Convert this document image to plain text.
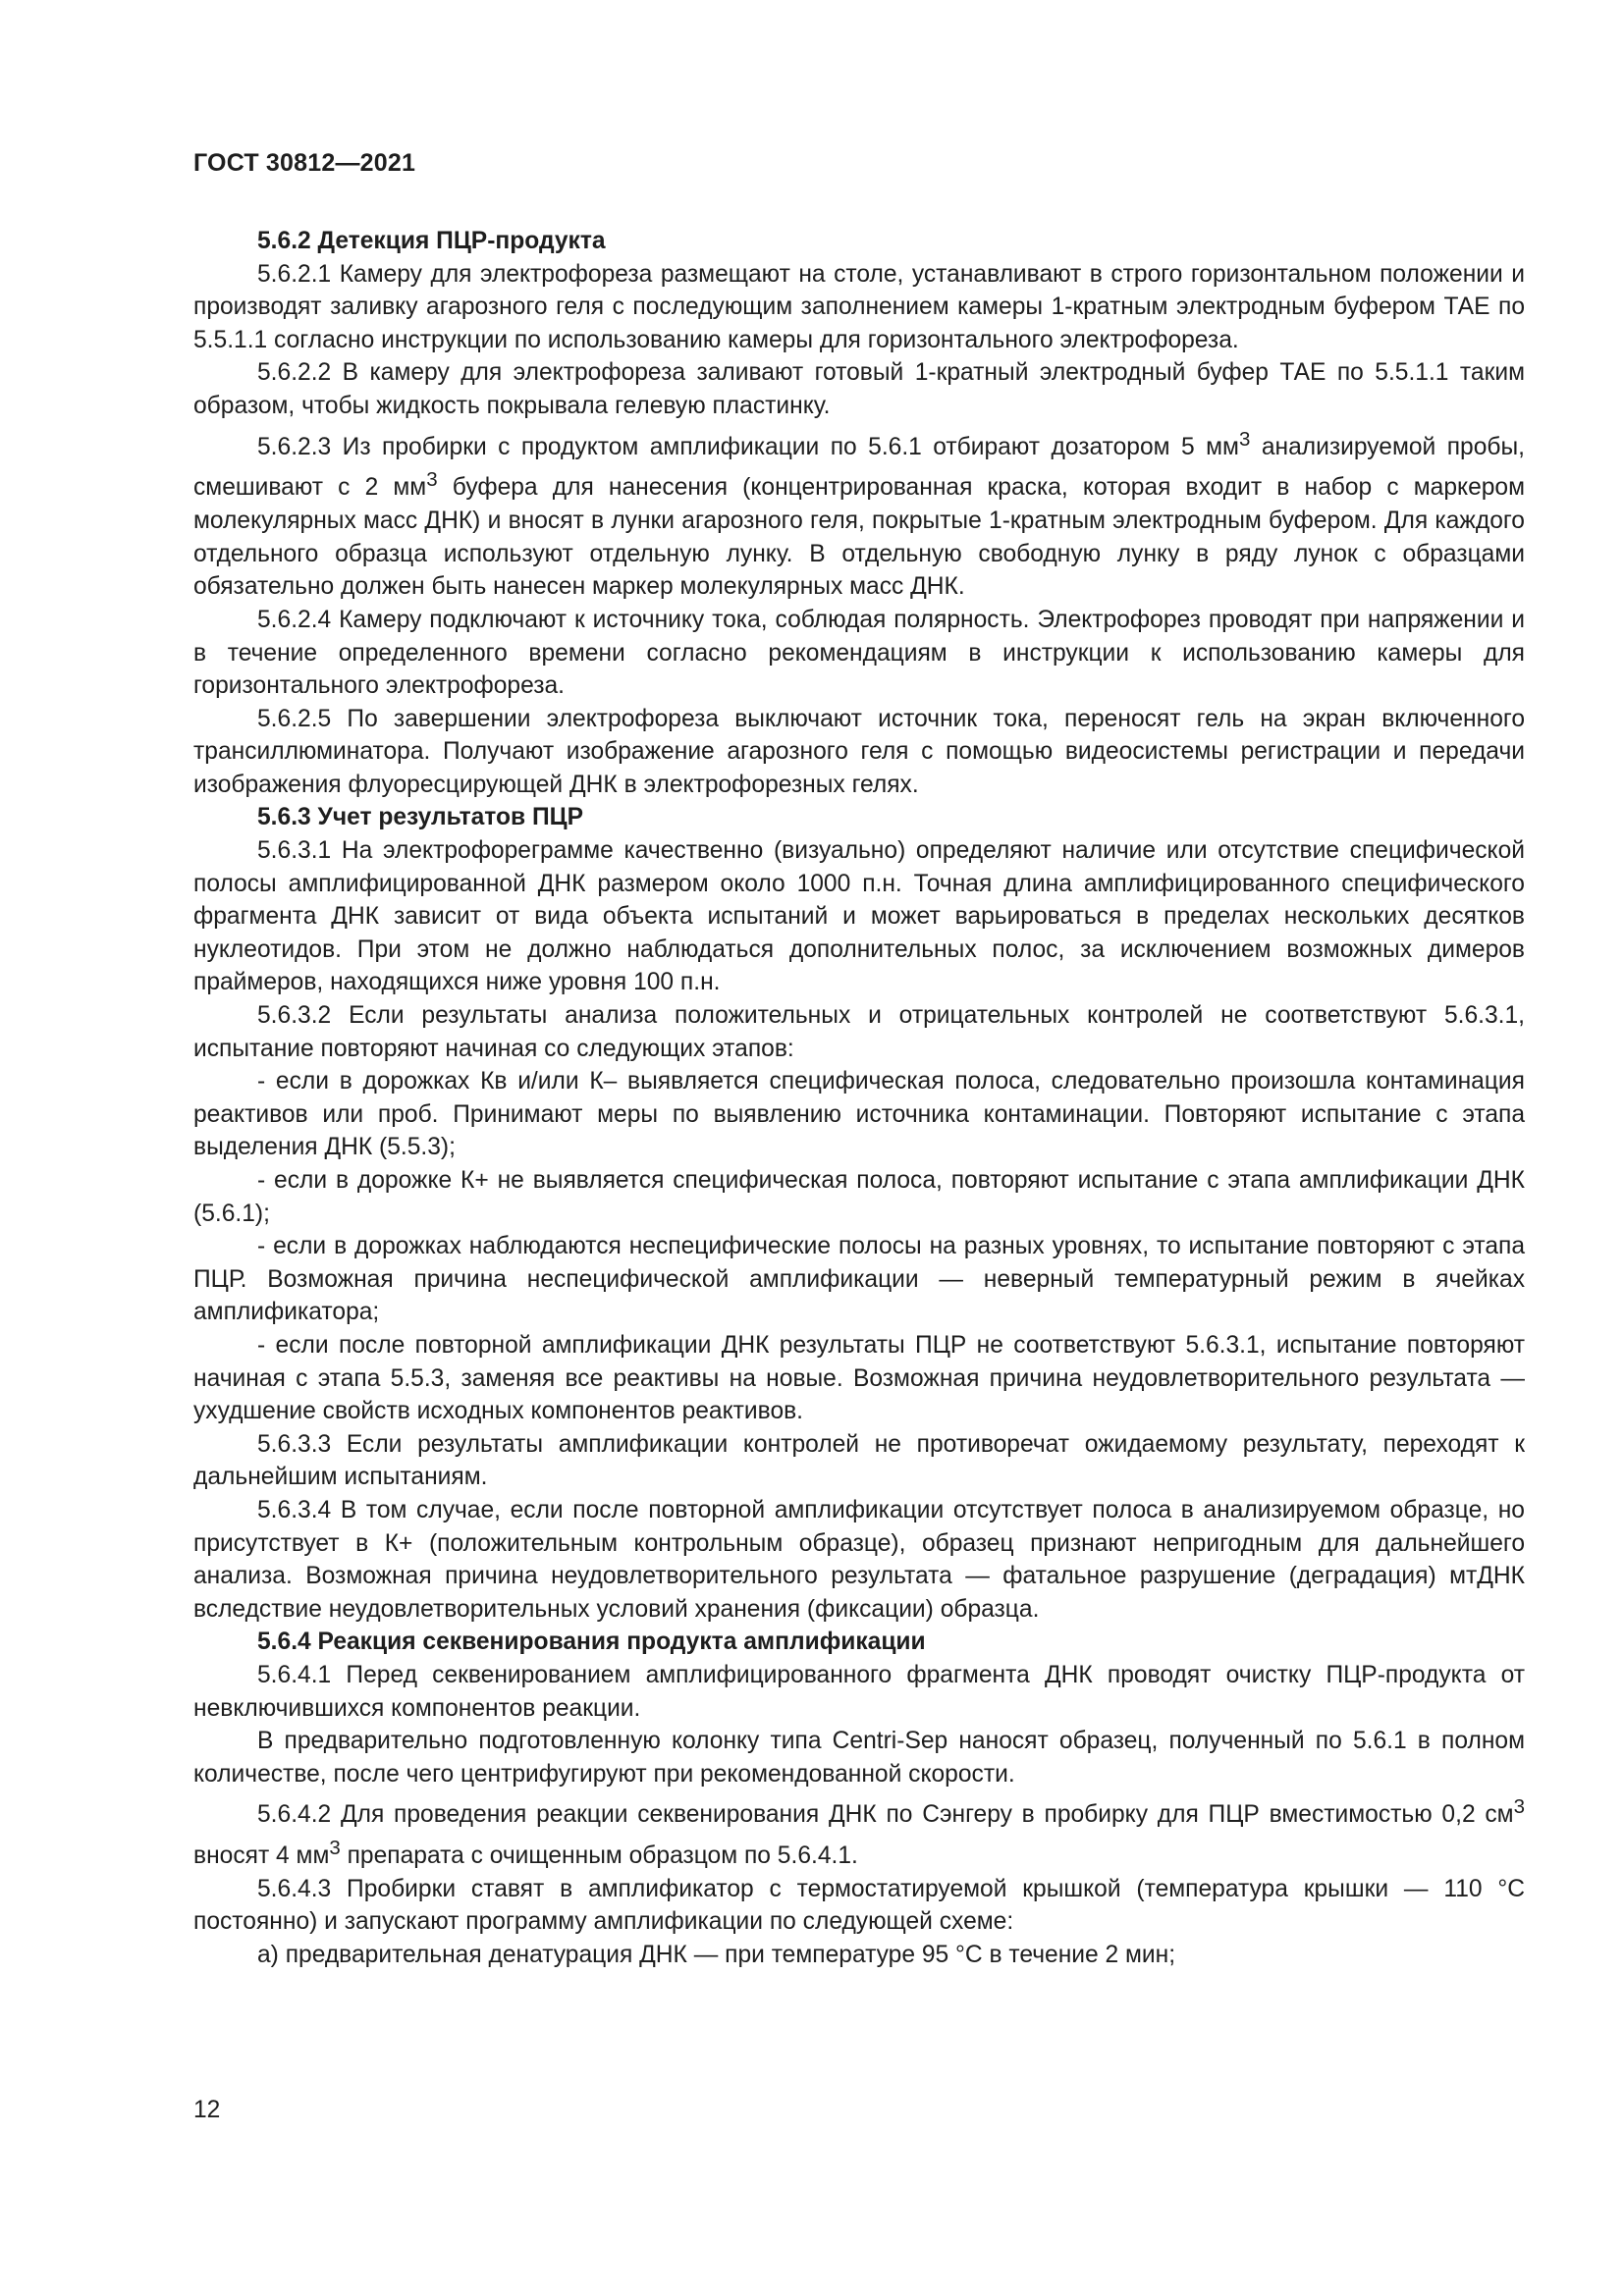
ГОСТ 30812—2021

5.6.2 Детекция ПЦР-продукта

5.6.2.1 Камеру для электрофореза размещают на столе, устанавливают в строго горизонтальном положении и производят заливку агарозного геля с последующим заполнением камеры 1-кратным электродным буфером ТАЕ по 5.5.1.1 согласно инструкции по использованию камеры для горизонтального электрофореза.

5.6.2.2 В камеру для электрофореза заливают готовый 1-кратный электродный буфер ТАЕ по 5.5.1.1 таким образом, чтобы жидкость покрывала гелевую пластинку.

5.6.2.3 Из пробирки с продуктом амплификации по 5.6.1 отбирают дозатором 5 $мм^3$ анализируемой пробы, смешивают с 2 $мм^3$ буфера для нанесения (концентрированная краска, которая входит в набор с маркером молекулярных масс ДНК) и вносят в лунки агарозного геля, покрытые 1-кратным электродным буфером. Для каждого отдельного образца используют отдельную лунку. В отдельную свободную лунку в ряду лунок с образцами обязательно должен быть нанесен маркер молекулярных масс ДНК.

5.6.2.4 Камеру подключают к источнику тока, соблюдая полярность. Электрофорез проводят при напряжении и в течение определенного времени согласно рекомендациям в инструкции к использованию камеры для горизонтального электрофореза.

5.6.2.5 По завершении электрофореза выключают источник тока, переносят гель на экран включенного трансиллюминатора. Получают изображение агарозного геля с помощью видеосистемы регистрации и передачи изображения флуоресцирующей ДНК в электрофорезных гелях.

5.6.3 Учет результатов ПЦР

5.6.3.1 На электрофореграмме качественно (визуально) определяют наличие или отсутствие специфической полосы амплифицированной ДНК размером около 1000 п.н. Точная длина амплифицированного специфического фрагмента ДНК зависит от вида объекта испытаний и может варьироваться в пределах нескольких десятков нуклеотидов. При этом не должно наблюдаться дополнительных полос, за исключением возможных димеров праймеров, находящихся ниже уровня 100 п.н.

5.6.3.2 Если результаты анализа положительных и отрицательных контролей не соответствуют 5.6.3.1, испытание повторяют начиная со следующих этапов:

- если в дорожках Кв и/или К– выявляется специфическая полоса, следовательно произошла контаминация реактивов или проб. Принимают меры по выявлению источника контаминации. Повторяют испытание с этапа выделения ДНК (5.5.3);

- если в дорожке К+ не выявляется специфическая полоса, повторяют испытание с этапа амплификации ДНК (5.6.1);

- если в дорожках наблюдаются неспецифические полосы на разных уровнях, то испытание повторяют с этапа ПЦР. Возможная причина неспецифической амплификации — неверный температурный режим в ячейках амплификатора;

- если после повторной амплификации ДНК результаты ПЦР не соответствуют 5.6.3.1, испытание повторяют начиная с этапа 5.5.3, заменяя все реактивы на новые. Возможная причина неудовлетворительного результата — ухудшение свойств исходных компонентов реактивов.

5.6.3.3 Если результаты амплификации контролей не противоречат ожидаемому результату, переходят к дальнейшим испытаниям.

5.6.3.4 В том случае, если после повторной амплификации отсутствует полоса в анализируемом образце, но присутствует в К+ (положительным контрольным образце), образец признают непригодным для дальнейшего анализа. Возможная причина неудовлетворительного результата — фатальное разрушение (деградация) мтДНК вследствие неудовлетворительных условий хранения (фиксации) образца.

5.6.4 Реакция секвенирования продукта амплификации

5.6.4.1 Перед секвенированием амплифицированного фрагмента ДНК проводят очистку ПЦР-продукта от невключившихся компонентов реакции.

В предварительно подготовленную колонку типа Centri-Sep наносят образец, полученный по 5.6.1 в полном количестве, после чего центрифугируют при рекомендованной скорости.

5.6.4.2 Для проведения реакции секвенирования ДНК по Сэнгеру в пробирку для ПЦР вместимостью 0,2 $см^3$ вносят 4 $мм^3$ препарата с очищенным образцом по 5.6.4.1.

5.6.4.3 Пробирки ставят в амплификатор с термостатируемой крышкой (температура крышки — 110 °С постоянно) и запускают программу амплификации по следующей схеме:

а) предварительная денатурация ДНК — при температуре 95 °С в течение 2 мин;

12
